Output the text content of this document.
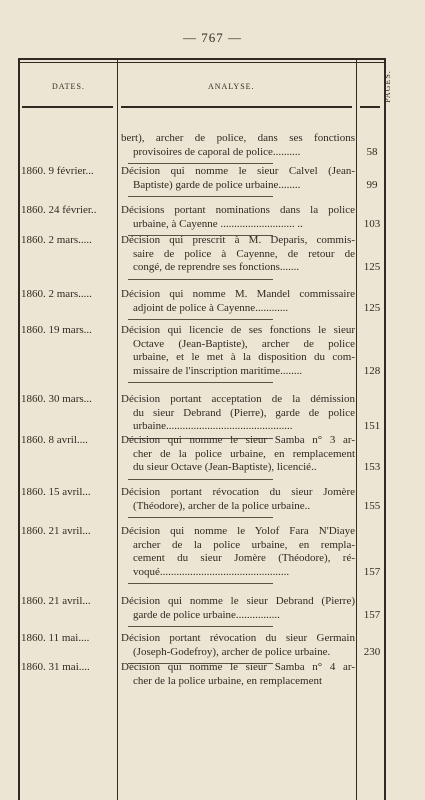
— 767 —
DATES.	ANALYSE.	PAGES.
bert), archer de police, dans ses fonctions
provisoires de caporal de police..........	58
1860. 9 février... Décision qui nomme le sieur Calvel (Jean-
Baptiste) garde de police urbaine........	99
1860. 24 février.. Décisions portant nominations dans la police
urbaine, à Cayenne ........................... ..	103
1860. 2 mars.....	Décision qui prescrit à M. Deparis, commis-
saire de police à Cayenne, de retour de
congé, de reprendre ses fonctions.......	125
1860. 2 mars.....	Décision qui nomme M. Mandel commissaire
adjoint de police à Cayenne............	125
1860. 19 mars...	Décision qui licencie de ses fonctions le sieur
Octave (Jean-Baptiste), archer de police
urbaine, et le met à la disposition du com-
missaire de l'inscription maritime........	128
1860. 30 mars...	Décision portant acceptation de la démission
du sieur Debrand (Pierre), garde de police
urbaine..............................................	151
1860. 8 avril....	Décision qui nomme le sieur Samba n° 3 ar-
cher de la police urbaine, en remplacement
du sieur Octave (Jean-Baptiste), licencié..	153
1860. 15 avril...	Décision portant révocation du sieur Jomère
(Théodore), archer de la police urbaine..	155
1860. 21 avril...	Décision qui nomme le Yolof Fara N'Diaye
archer de la police urbaine, en rempla-
cement du sieur Jomère (Théodore), ré-
voqué...............................................	157
1860. 21 avril...	Décision qui nomme le sieur Debrand (Pierre)
garde de police urbaine................	157
1860. 11 mai....	Décision portant révocation du sieur Germain
(Joseph-Godefroy), archer de police urbaine.	230
1860. 31 mai....	Décision qui nomme le sieur Samba n° 4 ar-
cher de la police urbaine, en remplacement
